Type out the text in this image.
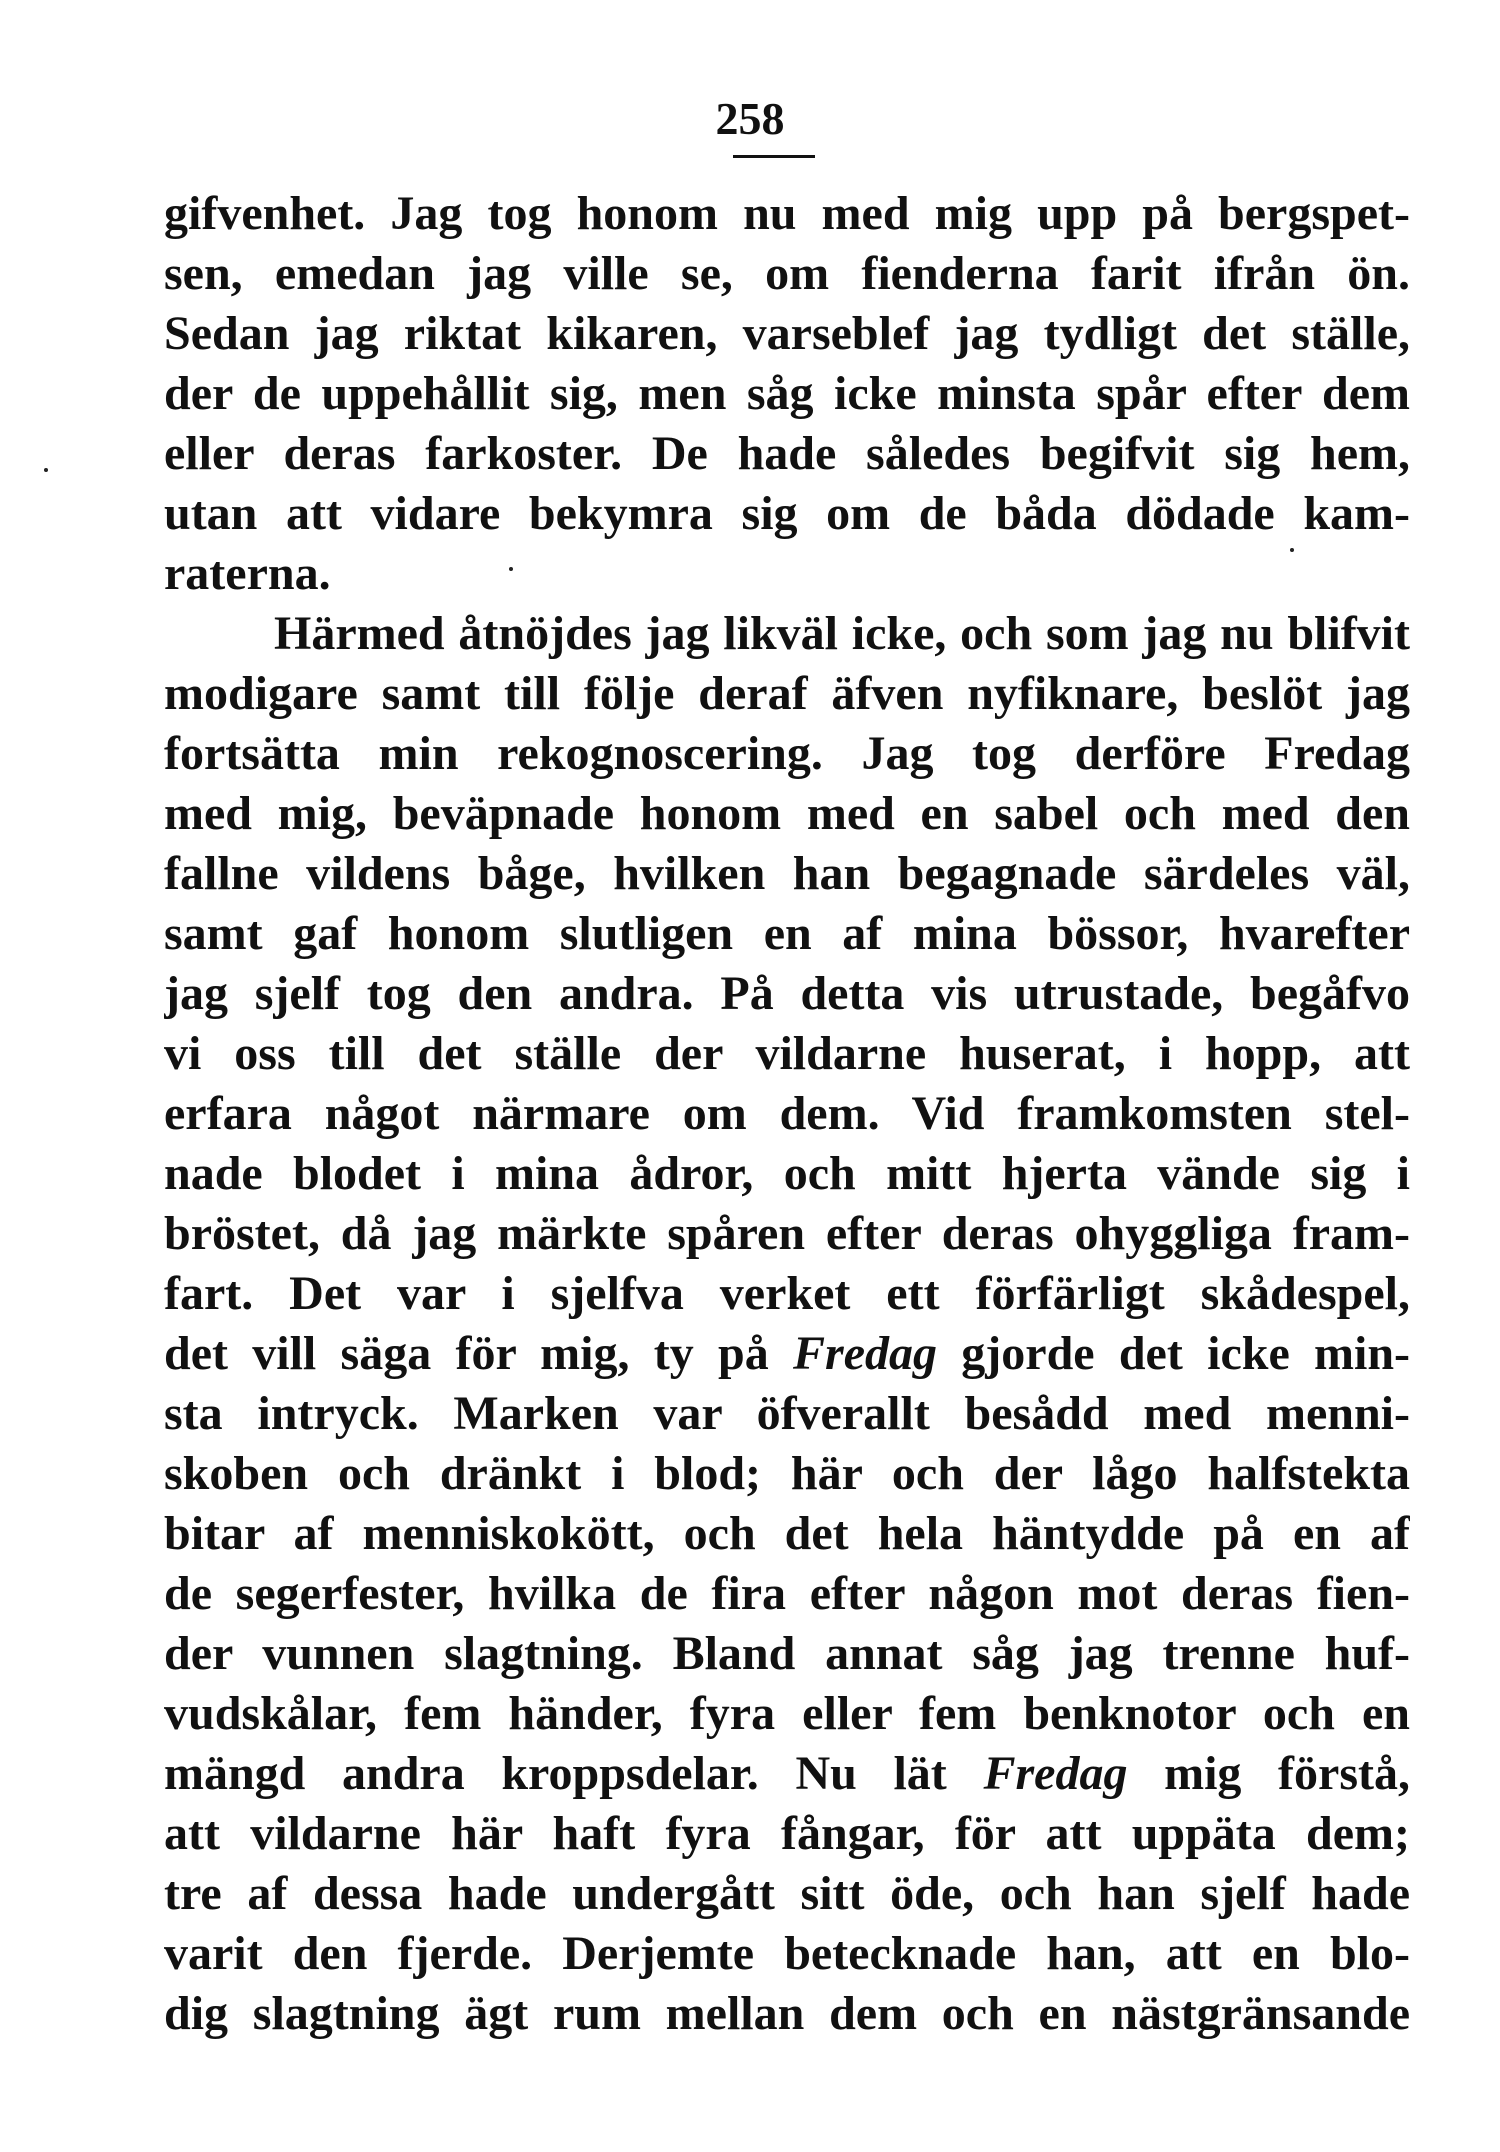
258
gifvenhet. Jag tog honom nu med mig upp på bergspet-
sen, emedan jag ville se, om fienderna farit ifrån ön.
Sedan jag riktat kikaren, varseblef jag tydligt det ställe,
der de uppehållit sig, men såg icke minsta spår efter dem
eller deras farkoster. De hade således begifvit sig hem,
utan att vidare bekymra sig om de båda dödade kam-
raterna.
Härmed åtnöjdes jag likväl icke, och som jag nu blifvit
modigare samt till följe deraf äfven nyfiknare, beslöt jag
fortsätta min rekognoscering. Jag tog derföre Fredag
med mig, beväpnade honom med en sabel och med den
fallne vildens båge, hvilken han begagnade särdeles väl,
samt gaf honom slutligen en af mina bössor, hvarefter
jag sjelf tog den andra. På detta vis utrustade, begåfvo
vi oss till det ställe der vildarne huserat, i hopp, att
erfara något närmare om dem. Vid framkomsten stel-
nade blodet i mina ådror, och mitt hjerta vände sig i
bröstet, då jag märkte spåren efter deras ohyggliga fram-
fart. Det var i sjelfva verket ett förfärligt skådespel,
det vill säga för mig, ty på Fredag gjorde det icke min-
sta intryck. Marken var öfverallt besådd med menni-
skoben och dränkt i blod; här och der lågo halfstekta
bitar af menniskokött, och det hela häntydde på en af
de segerfester, hvilka de fira efter någon mot deras fien-
der vunnen slagtning. Bland annat såg jag trenne huf-
vudskålar, fem händer, fyra eller fem benknotor och en
mängd andra kroppsdelar. Nu lät Fredag mig förstå,
att vildarne här haft fyra fångar, för att uppäta dem;
tre af dessa hade undergått sitt öde, och han sjelf hade
varit den fjerde. Derjemte betecknade han, att en blo-
dig slagtning ägt rum mellan dem och en nästgränsande
